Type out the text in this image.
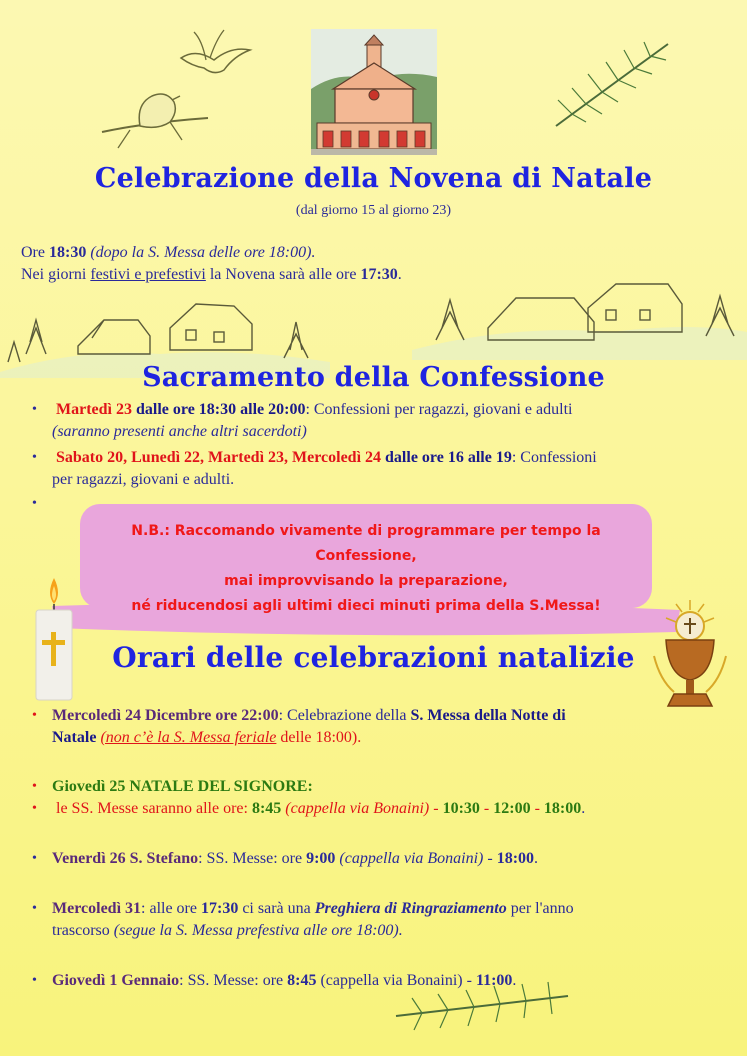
Celebrazione della Novena di Natale
(dal giorno 15 al giorno 23)
Ore 18:30 (dopo la S. Messa delle ore 18:00).
Nei giorni festivi e prefestivi la Novena sarà alle ore 17:30.
Sacramento della Confessione
• Martedì 23 dalle ore 18:30 alle 20:00: Confessioni per ragazzi, giovani e adulti
(saranno presenti anche altri sacerdoti)
• Sabato 20, Lunedì 22, Martedì 23, Mercoledì 24 dalle ore 16 alle 19: Confessioni
per ragazzi, giovani e adulti.
•
N.B.: Raccomando vivamente di programmare per tempo la Confessione,
mai improvvisando la preparazione,
né riducendosi agli ultimi dieci minuti prima della S.Messa!
Orari delle celebrazioni natalizie
• Mercoledì 24 Dicembre ore 22:00: Celebrazione della S. Messa della Notte di
Natale (non c’è la S. Messa feriale delle 18:00).
• Giovedì 25 NATALE DEL SIGNORE:
• le SS. Messe saranno alle ore: 8:45 (cappella via Bonaini) - 10:30 - 12:00 - 18:00.
• Venerdì 26 S. Stefano: SS. Messe: ore 9:00 (cappella via Bonaini) - 18:00.
• Mercoledì 31: alle ore 17:30 ci sarà una Preghiera di Ringraziamento per l'anno
trascorso (segue la S. Messa prefestiva alle ore 18:00).
• Giovedì 1 Gennaio: SS. Messe: ore 8:45 (cappella via Bonaini) - 11:00.
